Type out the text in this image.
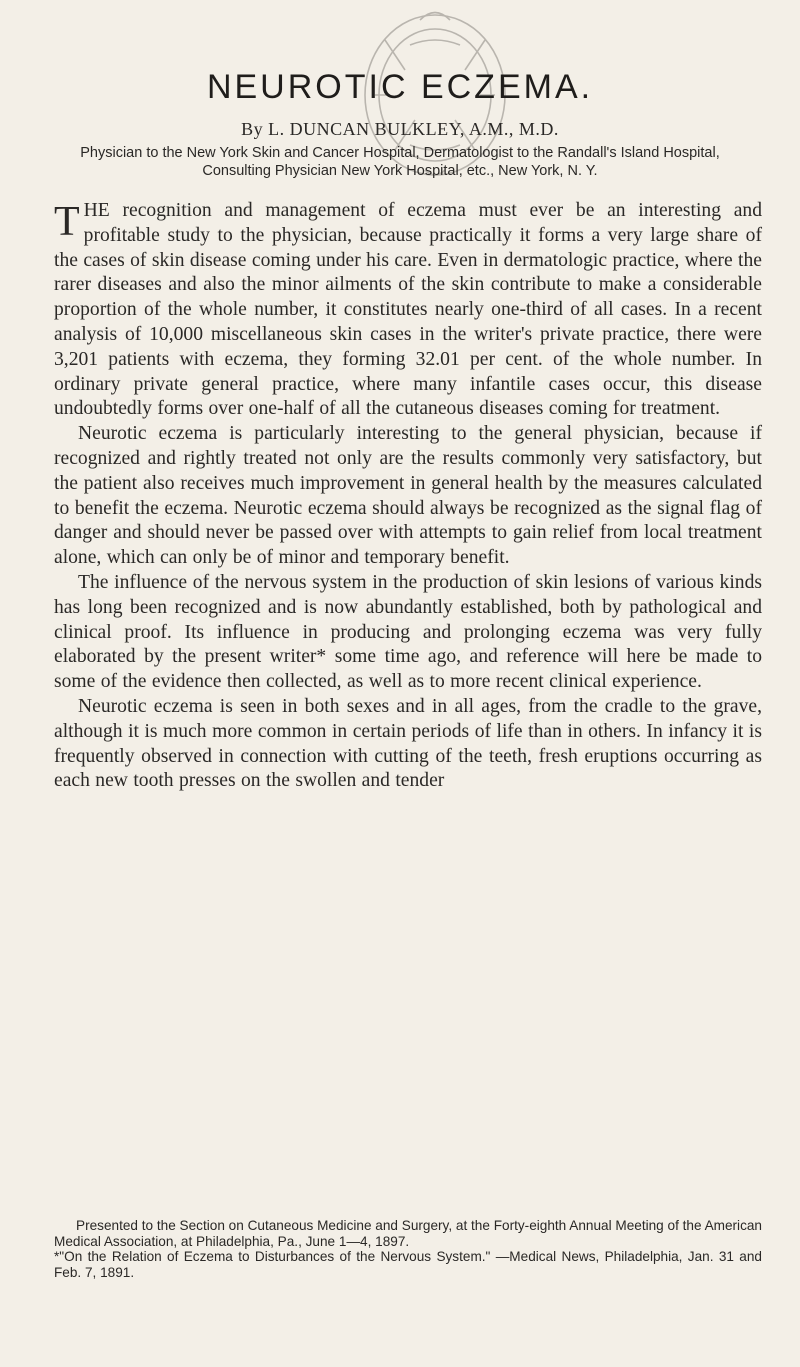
NEUROTIC ECZEMA.
By L. DUNCAN BULKLEY, A.M., M.D.
Physician to the New York Skin and Cancer Hospital, Dermatologist to the Randall's Island Hospital, Consulting Physician New York Hospital, etc., New York, N. Y.

THE recognition and management of eczema must ever be an interesting and profitable study to the physician, because practically it forms a very large share of the cases of skin disease coming under his care. Even in dermatologic practice, where the rarer diseases and also the minor ailments of the skin contribute to make a considerable proportion of the whole number, it constitutes nearly one-third of all cases. In a recent analysis of 10,000 miscellaneous skin cases in the writer's private practice, there were 3,201 patients with eczema, they forming 32.01 per cent. of the whole number. In ordinary private general practice, where many infantile cases occur, this disease undoubtedly forms over one-half of all the cutaneous diseases coming for treatment.

Neurotic eczema is particularly interesting to the general physician, because if recognized and rightly treated not only are the results commonly very satisfactory, but the patient also receives much improvement in general health by the measures calculated to benefit the eczema. Neurotic eczema should always be recognized as the signal flag of danger and should never be passed over with attempts to gain relief from local treatment alone, which can only be of minor and temporary benefit.

The influence of the nervous system in the production of skin lesions of various kinds has long been recognized and is now abundantly established, both by pathological and clinical proof. Its influence in producing and prolonging eczema was very fully elaborated by the present writer* some time ago, and reference will here be made to some of the evidence then collected, as well as to more recent clinical experience.

Neurotic eczema is seen in both sexes and in all ages, from the cradle to the grave, although it is much more common in certain periods of life than in others. In infancy it is frequently observed in connection with cutting of the teeth, fresh eruptions occurring as each new tooth presses on the swollen and tender

Presented to the Section on Cutaneous Medicine and Surgery, at the Forty-eighth Annual Meeting of the American Medical Association, at Philadelphia, Pa., June 1—4, 1897.

*"On the Relation of Eczema to Disturbances of the Nervous System." —Medical News, Philadelphia, Jan. 31 and Feb. 7, 1891.
